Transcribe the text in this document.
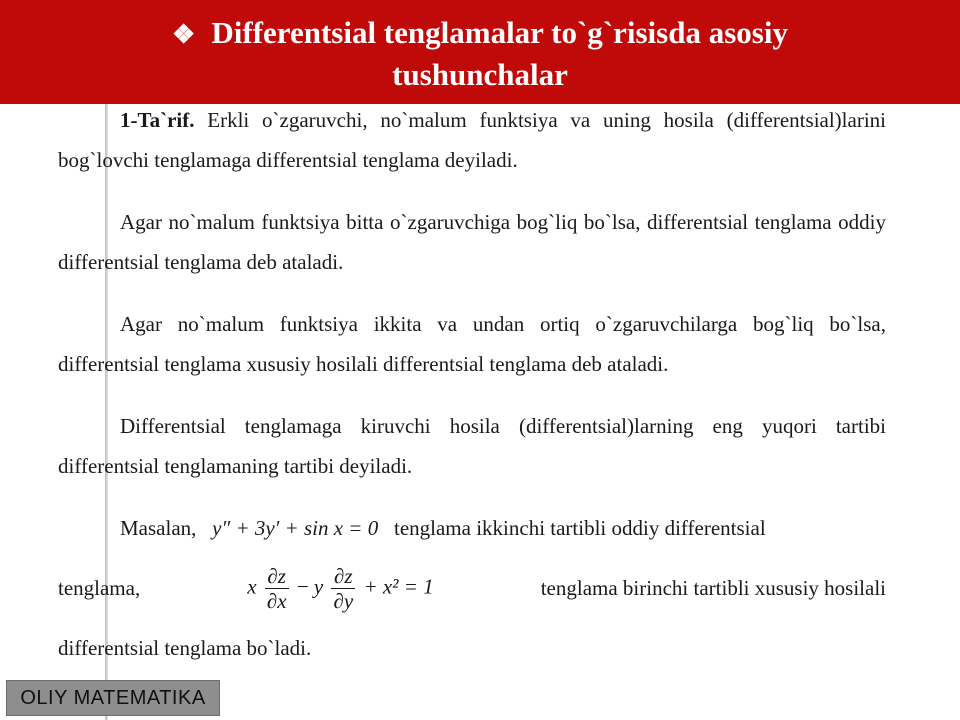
❖ Differentsial tenglamalar to`g`risisda asosiy
tushunchalar

1-Ta`rif. Erkli o`zgaruvchi, no`malum funktsiya va uning hosila (differentsial)larini bog`lovchi tenglamaga differentsial tenglama deyiladi.

Agar no`malum funktsiya bitta o`zgaruvchiga bog`liq bo`lsa, differentsial tenglama oddiy differentsial tenglama deb ataladi.

Agar no`malum funktsiya ikkita va undan ortiq o`zgaruvchilarga bog`liq bo`lsa, differentsial tenglama xususiy hosilali differentsial tenglama deb ataladi.

Differentsial tenglamaga kiruvchi hosila (differentsial)larning eng yuqori tartibi differentsial tenglamaning tartibi deyiladi.

Masalan, y″ + 3y′ + sin x = 0 tenglama ikkinchi tartibli oddiy differentsial

tenglama,	x $\frac{\partial z}{\partial x} - y \frac{\partial z}{\partial y} + x^2 = 1$	tenglama birinchi tartibli xususiy hosilali
differentsial tenglama bo`ladi.
OLIY MATEMATIKA
